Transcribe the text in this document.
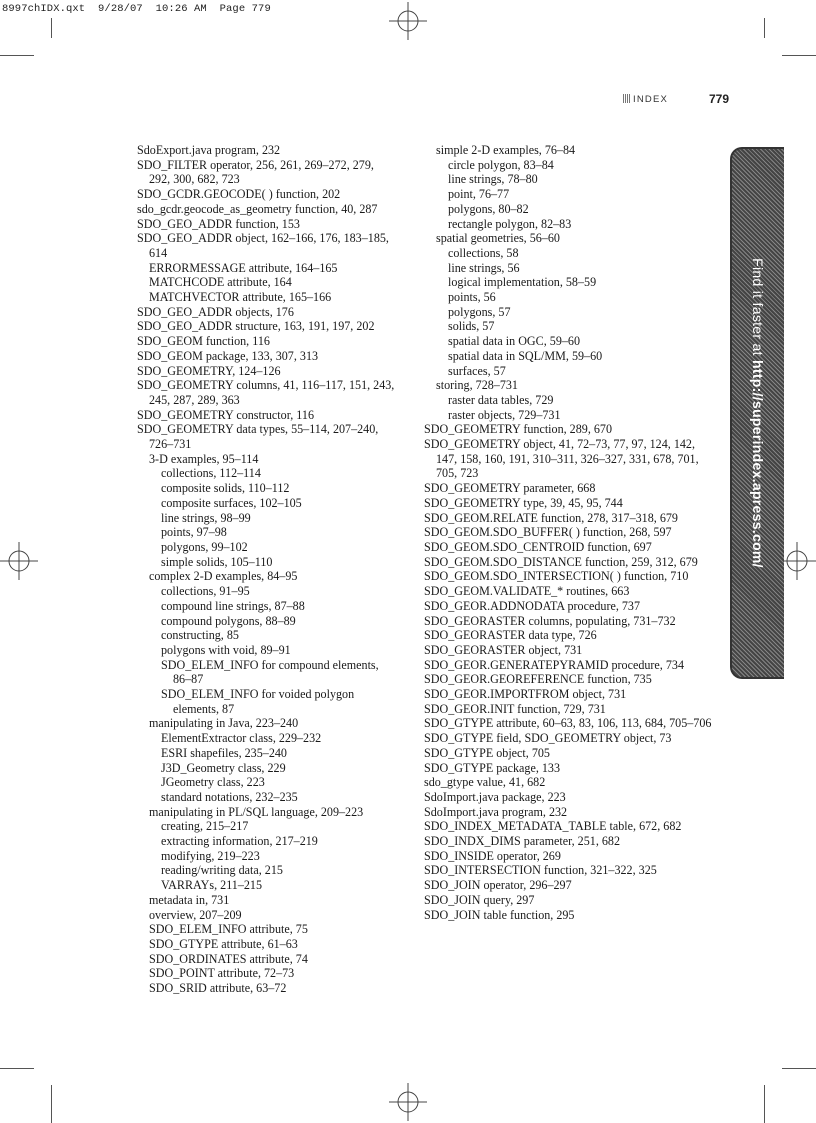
8997chIDX.qxt  9/28/07  10:26 AM  Page 779
INDEX	779
SdoExport.java program, 232
SDO_FILTER operator, 256, 261, 269–272, 279, 292, 300, 682, 723
SDO_GCDR.GEOCODE( ) function, 202
sdo_gcdr.geocode_as_geometry function, 40, 287
SDO_GEO_ADDR function, 153
SDO_GEO_ADDR object, 162–166, 176, 183–185, 614
ERRORMESSAGE attribute, 164–165
MATCHCODE attribute, 164
MATCHVECTOR attribute, 165–166
SDO_GEO_ADDR objects, 176
SDO_GEO_ADDR structure, 163, 191, 197, 202
SDO_GEOM function, 116
SDO_GEOM package, 133, 307, 313
SDO_GEOMETRY, 124–126
SDO_GEOMETRY columns, 41, 116–117, 151, 243, 245, 287, 289, 363
SDO_GEOMETRY constructor, 116
SDO_GEOMETRY data types, 55–114, 207–240, 726–731
3-D examples, 95–114
collections, 112–114
composite solids, 110–112
composite surfaces, 102–105
line strings, 98–99
points, 97–98
polygons, 99–102
simple solids, 105–110
complex 2-D examples, 84–95
collections, 91–95
compound line strings, 87–88
compound polygons, 88–89
constructing, 85
polygons with void, 89–91
SDO_ELEM_INFO for compound elements, 86–87
SDO_ELEM_INFO for voided polygon elements, 87
manipulating in Java, 223–240
ElementExtractor class, 229–232
ESRI shapefiles, 235–240
J3D_Geometry class, 229
JGeometry class, 223
standard notations, 232–235
manipulating in PL/SQL language, 209–223
creating, 215–217
extracting information, 217–219
modifying, 219–223
reading/writing data, 215
VARRAYs, 211–215
metadata in, 731
overview, 207–209
SDO_ELEM_INFO attribute, 75
SDO_GTYPE attribute, 61–63
SDO_ORDINATES attribute, 74
SDO_POINT attribute, 72–73
SDO_SRID attribute, 63–72
simple 2-D examples, 76–84
circle polygon, 83–84
line strings, 78–80
point, 76–77
polygons, 80–82
rectangle polygon, 82–83
spatial geometries, 56–60
collections, 58
line strings, 56
logical implementation, 58–59
points, 56
polygons, 57
solids, 57
spatial data in OGC, 59–60
spatial data in SQL/MM, 59–60
surfaces, 57
storing, 728–731
raster data tables, 729
raster objects, 729–731
SDO_GEOMETRY function, 289, 670
SDO_GEOMETRY object, 41, 72–73, 77, 97, 124, 142, 147, 158, 160, 191, 310–311, 326–327, 331, 678, 701, 705, 723
SDO_GEOMETRY parameter, 668
SDO_GEOMETRY type, 39, 45, 95, 744
SDO_GEOM.RELATE function, 278, 317–318, 679
SDO_GEOM.SDO_BUFFER( ) function, 268, 597
SDO_GEOM.SDO_CENTROID function, 697
SDO_GEOM.SDO_DISTANCE function, 259, 312, 679
SDO_GEOM.SDO_INTERSECTION( ) function, 710
SDO_GEOM.VALIDATE_* routines, 663
SDO_GEOR.ADDNODATA procedure, 737
SDO_GEORASTER columns, populating, 731–732
SDO_GEORASTER data type, 726
SDO_GEORASTER object, 731
SDO_GEOR.GENERATEPYRAMID procedure, 734
SDO_GEOR.GEOREFERENCE function, 735
SDO_GEOR.IMPORTFROM object, 731
SDO_GEOR.INIT function, 729, 731
SDO_GTYPE attribute, 60–63, 83, 106, 113, 684, 705–706
SDO_GTYPE field, SDO_GEOMETRY object, 73
SDO_GTYPE object, 705
SDO_GTYPE package, 133
sdo_gtype value, 41, 682
SdoImport.java package, 223
SdoImport.java program, 232
SDO_INDEX_METADATA_TABLE table, 672, 682
SDO_INDX_DIMS parameter, 251, 682
SDO_INSIDE operator, 269
SDO_INTERSECTION function, 321–322, 325
SDO_JOIN operator, 296–297
SDO_JOIN query, 297
SDO_JOIN table function, 295
Find it faster at http://superindex.apress.com/
